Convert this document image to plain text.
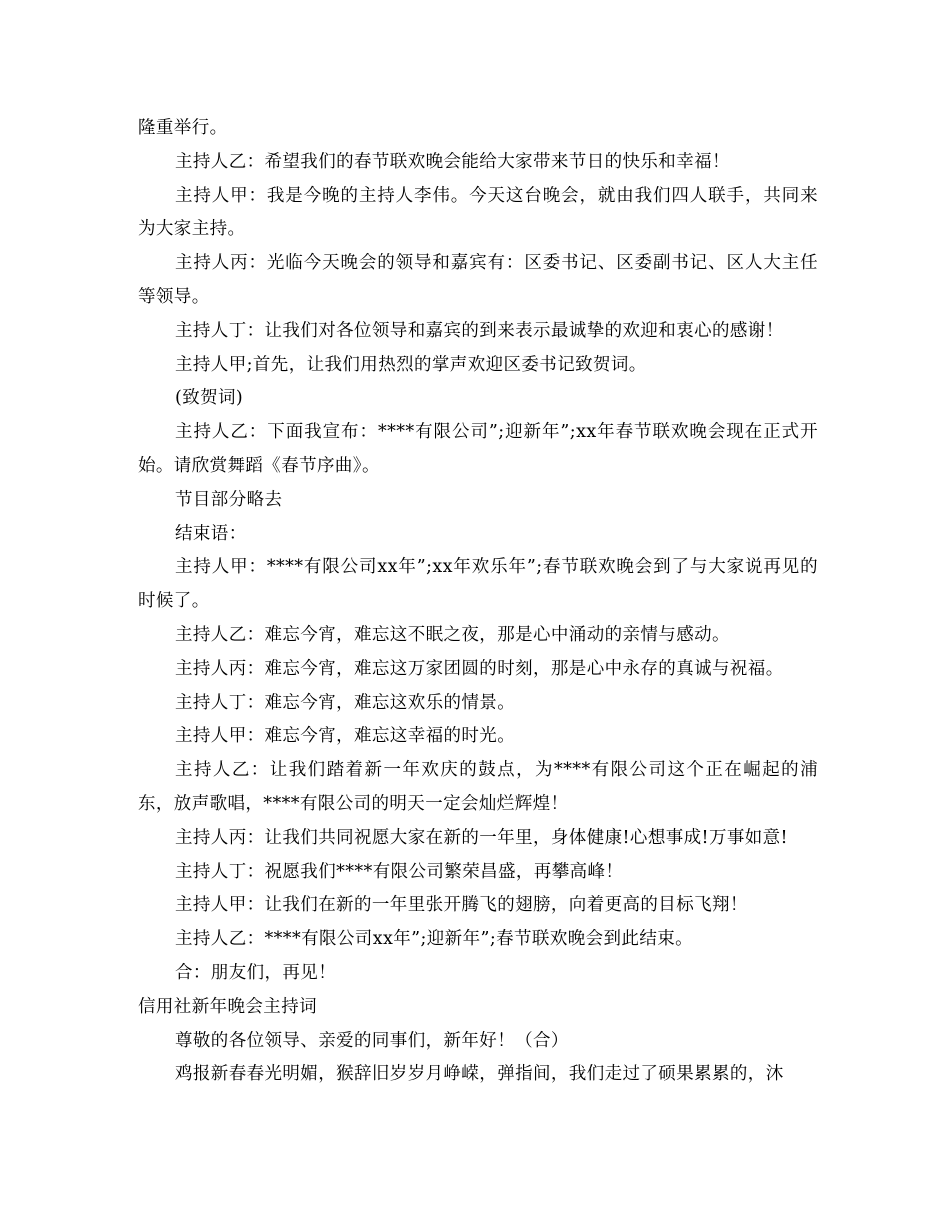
隆重举行。

主持人乙：希望我们的春节联欢晚会能给大家带来节日的快乐和幸福！

主持人甲：我是今晚的主持人李伟。今天这台晚会，就由我们四人联手，共同来为大家主持。

主持人丙：光临今天晚会的领导和嘉宾有：区委书记、区委副书记、区人大主任等领导。

主持人丁：让我们对各位领导和嘉宾的到来表示最诚挚的欢迎和衷心的感谢！

主持人甲;首先，让我们用热烈的掌声欢迎区委书记致贺词。

(致贺词)

主持人乙：下面我宣布：****有限公司”;迎新年”;xx年春节联欢晚会现在正式开始。请欣赏舞蹈《春节序曲》。

节目部分略去

结束语：

主持人甲：****有限公司xx年”;xx年欢乐年”;春节联欢晚会到了与大家说再见的时候了。

主持人乙：难忘今宵，难忘这不眠之夜，那是心中涌动的亲情与感动。

主持人丙：难忘今宵，难忘这万家团圆的时刻，那是心中永存的真诚与祝福。

主持人丁：难忘今宵，难忘这欢乐的情景。

主持人甲：难忘今宵，难忘这幸福的时光。

主持人乙：让我们踏着新一年欢庆的鼓点，为****有限公司这个正在崛起的浦东，放声歌唱，****有限公司的明天一定会灿烂辉煌！

主持人丙：让我们共同祝愿大家在新的一年里，身体健康!心想事成!万事如意!

主持人丁：祝愿我们****有限公司繁荣昌盛，再攀高峰！

主持人甲：让我们在新的一年里张开腾飞的翅膀，向着更高的目标飞翔！

主持人乙：****有限公司xx年”;迎新年”;春节联欢晚会到此结束。

合：朋友们，再见！

信用社新年晚会主持词

尊敬的各位领导、亲爱的同事们，新年好！（合）

鸡报新春春光明媚，猴辞旧岁岁月峥嵘，弹指间，我们走过了硕果累累的，沐
